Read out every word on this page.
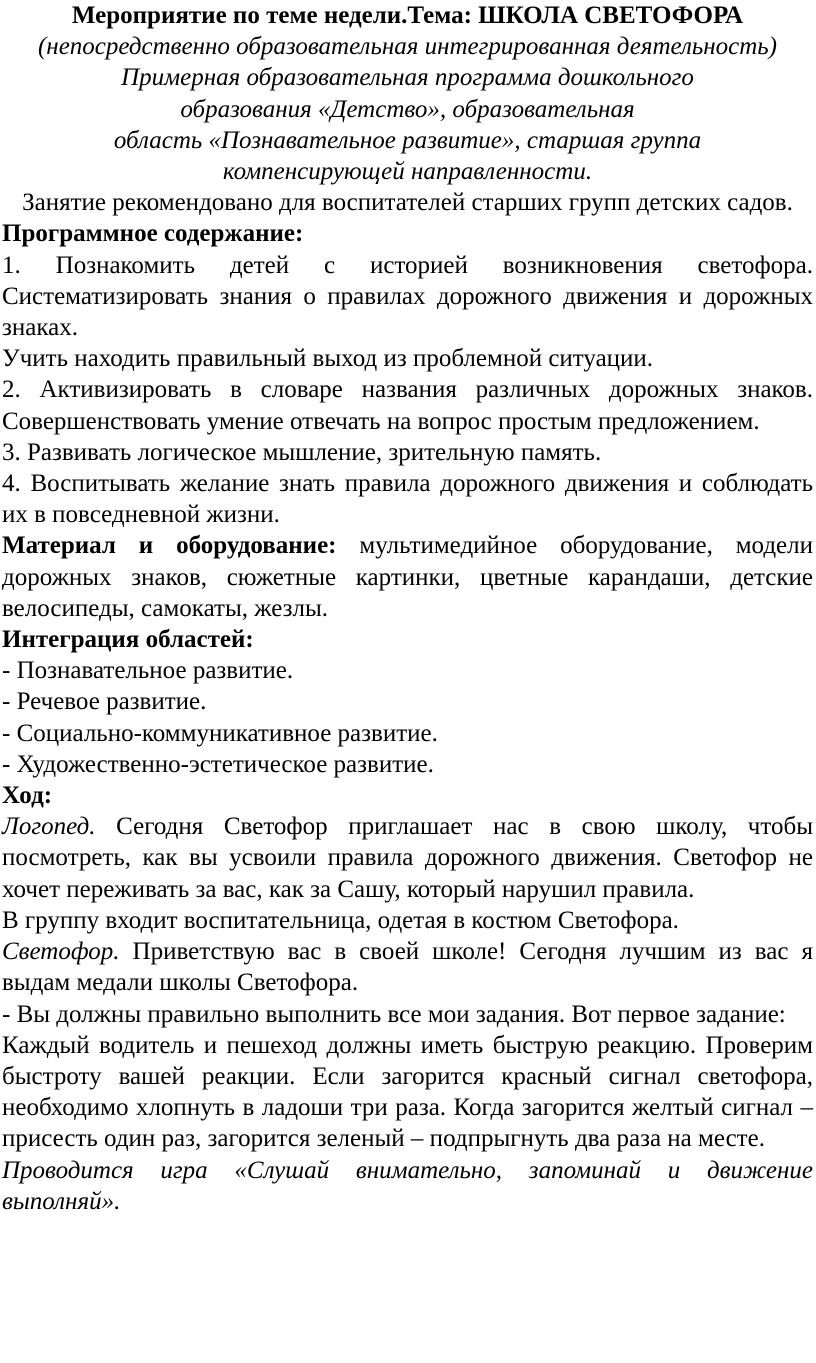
Мероприятие по теме недели.Тема: ШКОЛА СВЕТОФОРА

(непосредственно образовательная интегрированная деятельность)

Примерная образовательная программа дошкольного

образования «Детство», образовательная

область «Познавательное развитие», старшая группа

компенсирующей направленности.

Занятие рекомендовано для воспитателей старших групп детских садов.

Программное содержание:

1. Познакомить детей с историей возникновения светофора. Систематизировать знания о правилах дорожного движения и дорожных знаках.

Учить находить правильный выход из проблемной ситуации.

2. Активизировать в словаре названия различных дорожных знаков. Совершенствовать умение отвечать на вопрос простым предложением.

3. Развивать логическое мышление, зрительную память.

4. Воспитывать желание знать правила дорожного движения и соблюдать их в повседневной жизни.

Материал и оборудование: мультимедийное оборудование, модели дорожных знаков, сюжетные картинки, цветные карандаши, детские велосипеды, самокаты, жезлы.

Интеграция областей:

- Познавательное развитие.
- Речевое развитие.
- Социально-коммуникативное развитие.
- Художественно-эстетическое развитие.

Ход:

Логопед. Сегодня Светофор приглашает нас в свою школу, чтобы посмотреть, как вы усвоили правила дорожного движения. Светофор не хочет переживать за вас, как за Сашу, который нарушил правила.

В группу входит воспитательница, одетая в костюм Светофора.

Светофор. Приветствую вас в своей школе! Сегодня лучшим из вас я выдам медали школы Светофора.

- Вы должны правильно выполнить все мои задания. Вот первое задание:

Каждый водитель и пешеход должны иметь быструю реакцию. Проверим быстроту вашей реакции. Если загорится красный сигнал светофора, необходимо хлопнуть в ладоши три раза. Когда загорится желтый сигнал – присесть один раз, загорится зеленый – подпрыгнуть два раза на месте.

Проводится игра «Слушай внимательно, запоминай и движение выполняй».
